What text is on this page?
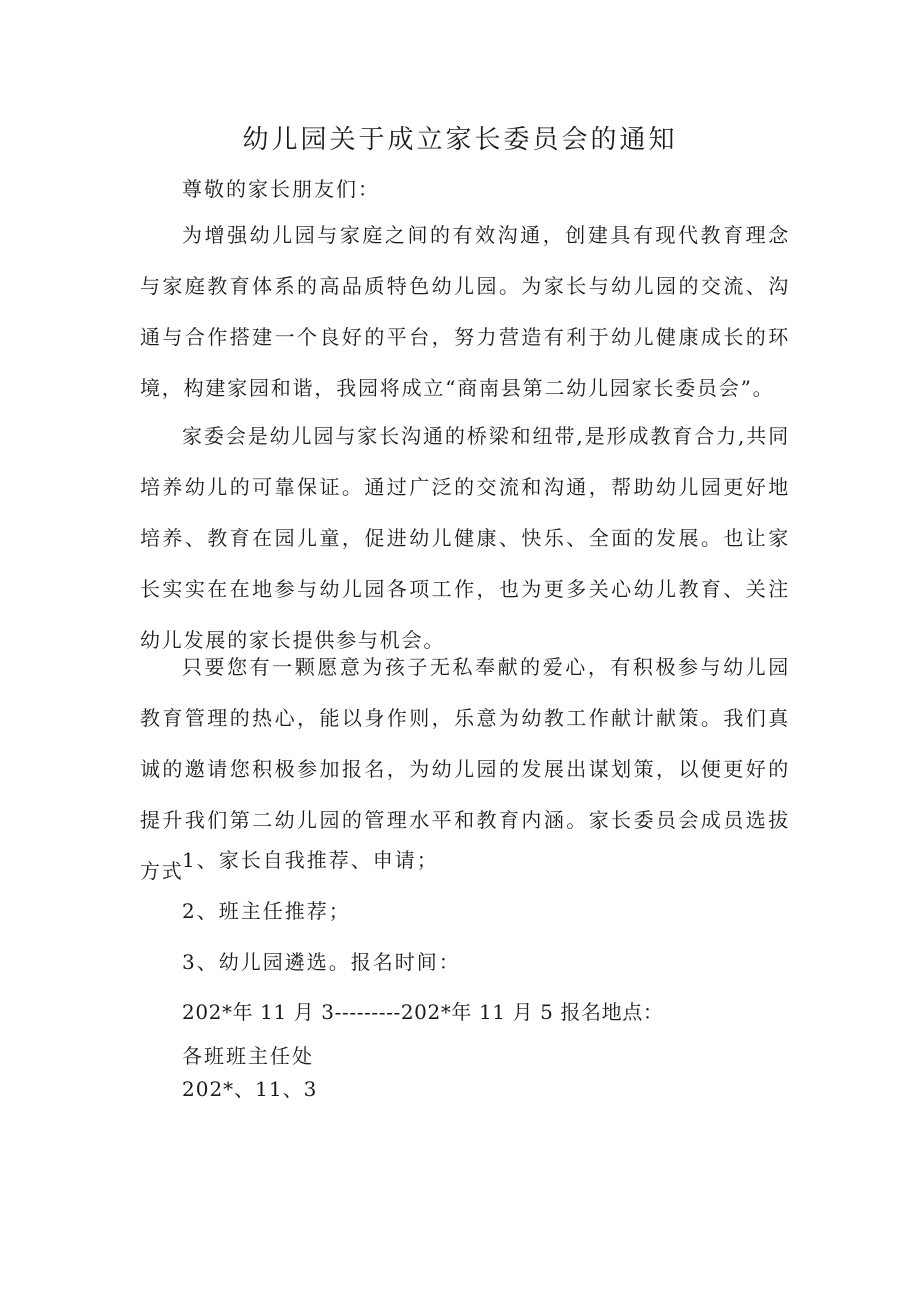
幼儿园关于成立家长委员会的通知
尊敬的家长朋友们：

为增强幼儿园与家庭之间的有效沟通，创建具有现代教育理念与家庭教育体系的高品质特色幼儿园。为家长与幼儿园的交流、沟通与合作搭建一个良好的平台，努力营造有利于幼儿健康成长的环境，构建家园和谐，我园将成立“商南县第二幼儿园家长委员会”。

家委会是幼儿园与家长沟通的桥梁和纽带,是形成教育合力,共同培养幼儿的可靠保证。通过广泛的交流和沟通，帮助幼儿园更好地培养、教育在园儿童，促进幼儿健康、快乐、全面的发展。也让家长实实在在地参与幼儿园各项工作，也为更多关心幼儿教育、关注幼儿发展的家长提供参与机会。

只要您有一颗愿意为孩子无私奉献的爱心，有积极参与幼儿园教育管理的热心，能以身作则，乐意为幼教工作献计献策。我们真诚的邀请您积极参加报名，为幼儿园的发展出谋划策，以便更好的提升我们第二幼儿园的管理水平和教育内涵。家长委员会成员选拔方式

1、家长自我推荐、申请；
2、班主任推荐；
3、幼儿园遴选。报名时间：
202*年 11 月 3---------202*年 11 月 5 报名地点：
各班班主任处
202*、11、3
